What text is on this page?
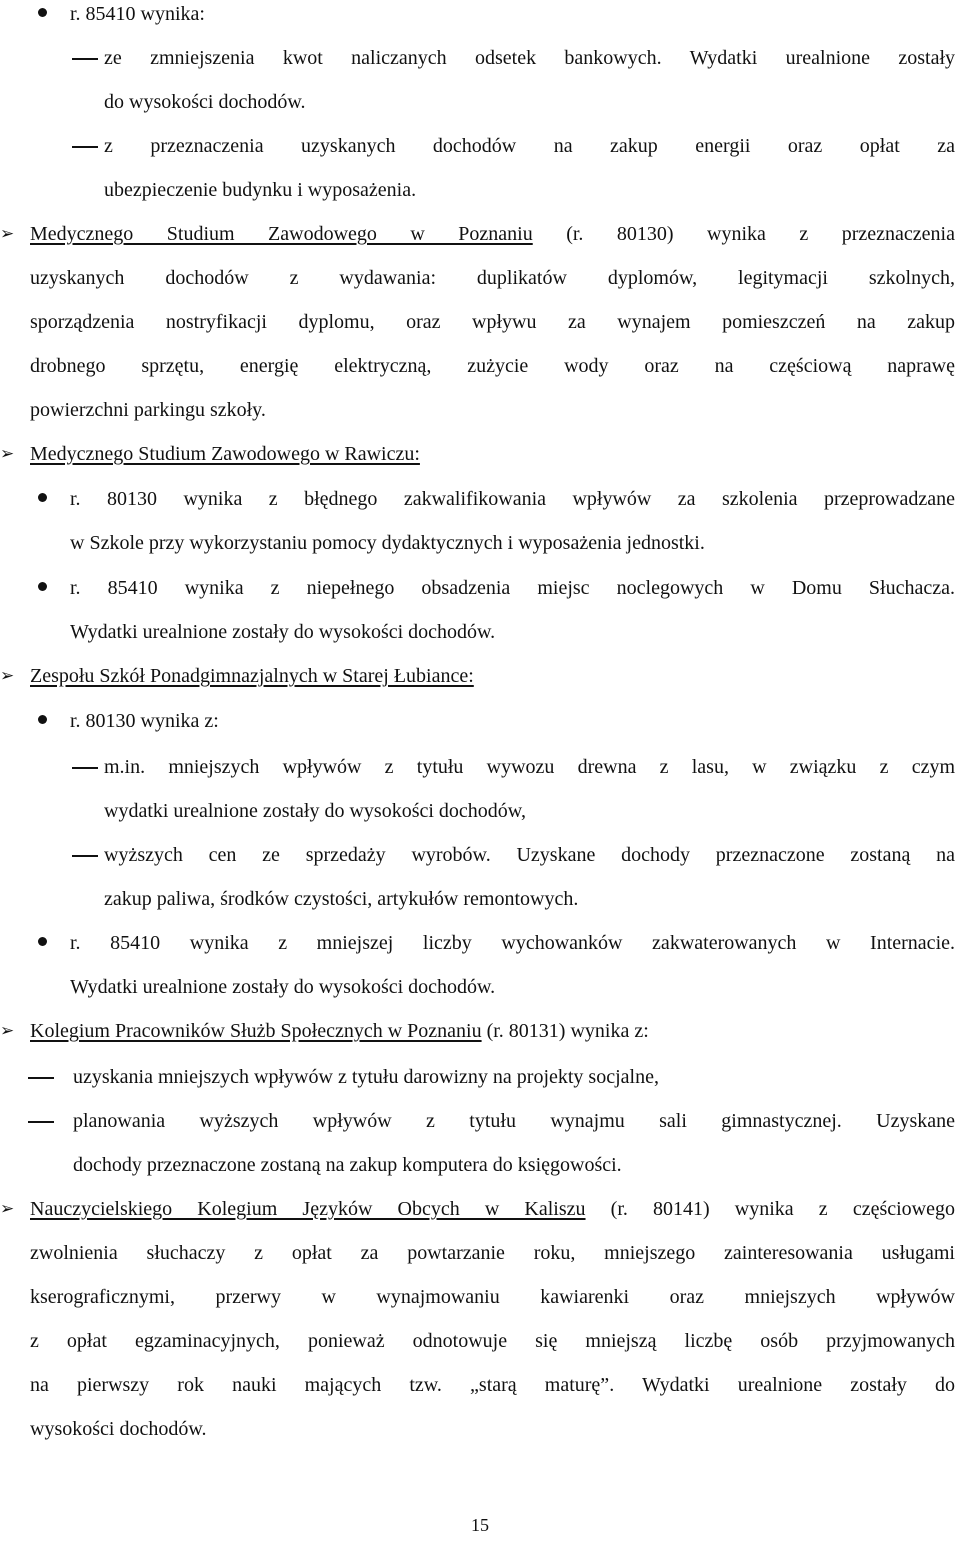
r. 85410 wynika:
ze zmniejszenia kwot naliczanych odsetek bankowych. Wydatki urealnione zostały
do wysokości dochodów.
z przeznaczenia uzyskanych dochodów na zakup energii oraz opłat za
ubezpieczenie budynku i wyposażenia.
➢ Medycznego Studium Zawodowego w Poznaniu (r. 80130) wynika z przeznaczenia
uzyskanych dochodów z wydawania: duplikatów dyplomów, legitymacji szkolnych,
sporządzenia nostryfikacji dyplomu, oraz wpływu za wynajem pomieszczeń na zakup
drobnego sprzętu, energię elektryczną, zużycie wody oraz na częściową naprawę
powierzchni parkingu szkoły.
➢ Medycznego Studium Zawodowego w Rawiczu:
r. 80130 wynika z błędnego zakwalifikowania wpływów za szkolenia przeprowadzane
w Szkole przy wykorzystaniu pomocy dydaktycznych i wyposażenia jednostki.
r. 85410 wynika z niepełnego obsadzenia miejsc noclegowych w Domu Słuchacza.
Wydatki urealnione zostały do wysokości dochodów.
➢ Zespołu Szkół Ponadgimnazjalnych w Starej Łubiance:
r. 80130 wynika z:
m.in. mniejszych wpływów z tytułu wywozu drewna z lasu, w związku z czym
wydatki urealnione zostały do wysokości dochodów,
wyższych cen ze sprzedaży wyrobów. Uzyskane dochody przeznaczone zostaną na
zakup paliwa, środków czystości, artykułów remontowych.
r. 85410 wynika z mniejszej liczby wychowanków zakwaterowanych w Internacie.
Wydatki urealnione zostały do wysokości dochodów.
➢ Kolegium Pracowników Służb Społecznych w Poznaniu (r. 80131) wynika z:
uzyskania mniejszych wpływów z tytułu darowizny na projekty socjalne,
planowania wyższych wpływów z tytułu wynajmu sali gimnastycznej. Uzyskane
dochody przeznaczone zostaną na zakup komputera do księgowości.
➢ Nauczycielskiego Kolegium Języków Obcych w Kaliszu (r. 80141) wynika z częściowego
zwolnienia słuchaczy z opłat za powtarzanie roku, mniejszego zainteresowania usługami
kserograficznymi, przerwy w wynajmowaniu kawiarenki oraz mniejszych wpływów
z opłat egzaminacyjnych, ponieważ odnotowuje się mniejszą liczbę osób przyjmowanych
na pierwszy rok nauki mających tzw. „starą maturę”. Wydatki urealnione zostały do
wysokości dochodów.
15
